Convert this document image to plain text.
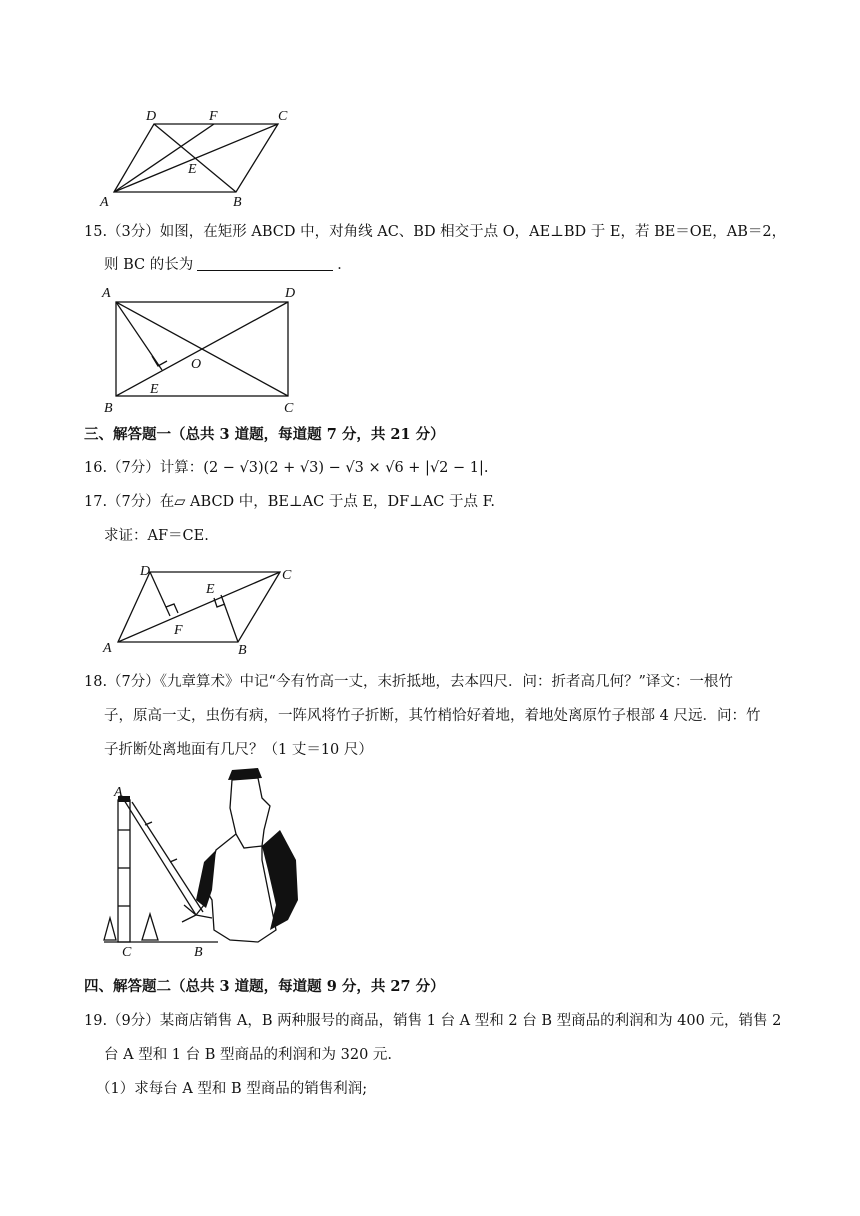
D	F	C
E
A	B
15.（3分）如图，在矩形 ABCD 中，对角线 AC、BD 相交于点 O，AE⊥BD 于 E，若 BE＝OE，AB＝2，
则 BC 的长为	．
A	D
O
E
B	C
三、解答题一（总共 3 道题，每道题 7 分，共 21 分）
16.（7分）计算：(2 − √3)(2 + √3) − √3 × √6 + |√2 − 1|.
17.（7分）在▱ ABCD 中，BE⊥AC 于点 E，DF⊥AC 于点 F.
求证：AF＝CE.
D	C
E
F
A	B
18.（7分）《九章算术》中记“今有竹高一丈，末折抵地，去本四尺．问：折者高几何？”译文：一根竹
子，原高一丈，虫伤有病，一阵风将竹子折断，其竹梢恰好着地，着地处离原竹子根部 4 尺远．问：竹
子折断处离地面有几尺？（1 丈＝10 尺）
A
C	B
四、解答题二（总共 3 道题，每道题 9 分，共 27 分）
19.（9分）某商店销售 A，B 两种服号的商品，销售 1 台 A 型和 2 台 B 型商品的利润和为 400 元，销售 2
台 A 型和 1 台 B 型商品的利润和为 320 元.
（1）求每台 A 型和 B 型商品的销售利润;
